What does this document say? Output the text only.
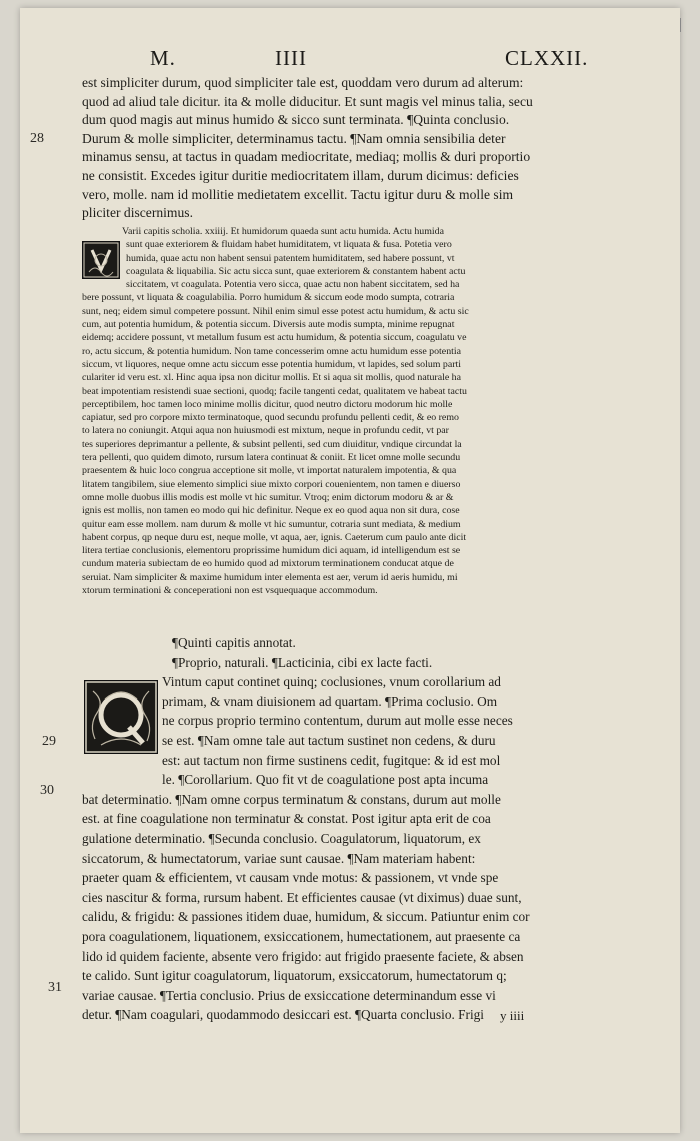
M.	IIII	CLXXII.
28
29
30
31
est simpliciter durum, quod simpliciter tale est, quoddam vero durum ad alterum:
quod ad aliud tale dicitur. ita & molle diducitur. Et sunt magis vel minus talia, secu
dum quod magis aut minus humido & sicco sunt terminata. ¶Quinta conclusio.
Durum & molle simpliciter, determinamus tactu. ¶Nam omnia sensibilia deter
minamus sensu, at tactus in quadam mediocritate, mediaq; mollis & duri proportio
ne consistit. Excedes igitur duritie mediocritatem illam, durum dicimus: deficies
vero, molle. nam id mollitie medietatem excellit. Tactu igitur duru & molle sim
pliciter discernimus.
Varii capitis scholia. xxiiij. Et humidorum quaeda sunt actu humida. Actu humida
sunt quae exteriorem & fluidam habet humiditatem, vt liquata & fusa. Potetia vero
humida, quae actu non habent sensui patentem humiditatem, sed habere possunt, vt
coagulata & liquabilia. Sic actu sicca sunt, quae exteriorem & constantem habent actu
siccitatem, vt coagulata. Potentia vero sicca, quae actu non habent siccitatem, sed ha
bere possunt, vt liquata & coagulabilia. Porro humidum & siccum eode modo sumpta, cotraria
sunt, neq; eidem simul competere possunt. Nihil enim simul esse potest actu humidum, & actu sic
cum, aut potentia humidum, & potentia siccum. Diversis aute modis sumpta, minime repugnat
eidemq; accidere possunt, vt metallum fusum est actu humidum, & potentia siccum, coagulatu ve
ro, actu siccum, & potentia humidum. Non tame concesserim omne actu humidum esse potentia
siccum, vt liquores, neque omne actu siccum esse potentia humidum, vt lapides, sed solum parti
culariter id veru est. xl. Hinc aqua ipsa non dicitur mollis. Et si aqua sit mollis, quod naturale ha
beat impotentiam resistendi suae sectioni, quodq; facile tangenti cedat, qualitatem ve habeat tactu
perceptibilem, hoc tamen loco minime mollis dicitur, quod neutro dictoru modorum hic molle
capiatur, sed pro corpore mixto terminatoque, quod secundu profundu pellenti cedit, & eo remo
to latera no coniungit. Atqui aqua non huiusmodi est mixtum, neque in profundu cedit, vt par
tes superiores deprimantur a pellente, & subsint pellenti, sed cum diuiditur, vndique circundat la
tera pellenti, quo quidem dimoto, rursum latera continuat & coniit. Et licet omne molle secundu
praesentem & huic loco congrua acceptione sit molle, vt importat naturalem impotentia, & qua
litatem tangibilem, siue elemento simplici siue mixto corpori couenientem, non tamen e diuerso
omne molle duobus illis modis est molle vt hic sumitur. Vtroq; enim dictorum modoru & ar &
ignis est mollis, non tamen eo modo qui hic definitur. Neque ex eo quod aqua non sit dura, cose
quitur eam esse mollem. nam durum & molle vt hic sumuntur, cotraria sunt mediata, & medium
habent corpus, qp neque duru est, neque molle, vt aqua, aer, ignis. Caeterum cum paulo ante dicit
litera tertiae conclusionis, elementoru proprissime humidum dici aquam, id intelligendum est se
cundum materia subiectam de eo humido quod ad mixtorum terminationem conducat atque de
seruiat. Nam simpliciter & maxime humidum inter elementa est aer, verum id aeris humidu, mi
xtorum terminationi & conceperationi non est vsquequaque accommodum.
¶Quinti capitis annotat.
¶Proprio, naturali. ¶Lacticinia, cibi ex lacte facti.
Vintum caput continet quinq; coclusiones, vnum corollarium ad
primam, & vnam diuisionem ad quartam. ¶Prima coclusio. Om
ne corpus proprio termino contentum, durum aut molle esse neces
se est. ¶Nam omne tale aut tactum sustinet non cedens, & duru
est: aut tactum non firme sustinens cedit, fugitque: & id est mol
le. ¶Corollarium. Quo fit vt de coagulatione post apta incuma
bat determinatio. ¶Nam omne corpus terminatum & constans, durum aut molle
est. at fine coagulatione non terminatur & constat. Post igitur apta erit de coa
gulatione determinatio. ¶Secunda conclusio. Coagulatorum, liquatorum, ex
siccatorum, & humectatorum, variae sunt causae. ¶Nam materiam habent:
praeter quam & efficientem, vt causam vnde motus: & passionem, vt vnde spe
cies nascitur & forma, rursum habent. Et efficientes causae (vt diximus) duae sunt,
calidu, & frigidu: & passiones itidem duae, humidum, & siccum. Patiuntur enim cor
pora coagulationem, liquationem, exsiccationem, humectationem, aut praesente ca
lido id quidem faciente, absente vero frigido: aut frigido praesente faciete, & absen
te calido. Sunt igitur coagulatorum, liquatorum, exsiccatorum, humectatorum q;
variae causae. ¶Tertia conclusio. Prius de exsiccatione determinandum esse vi
detur. ¶Nam coagulari, quodammodo desiccari est. ¶Quarta conclusio. Frigi	y iiii
